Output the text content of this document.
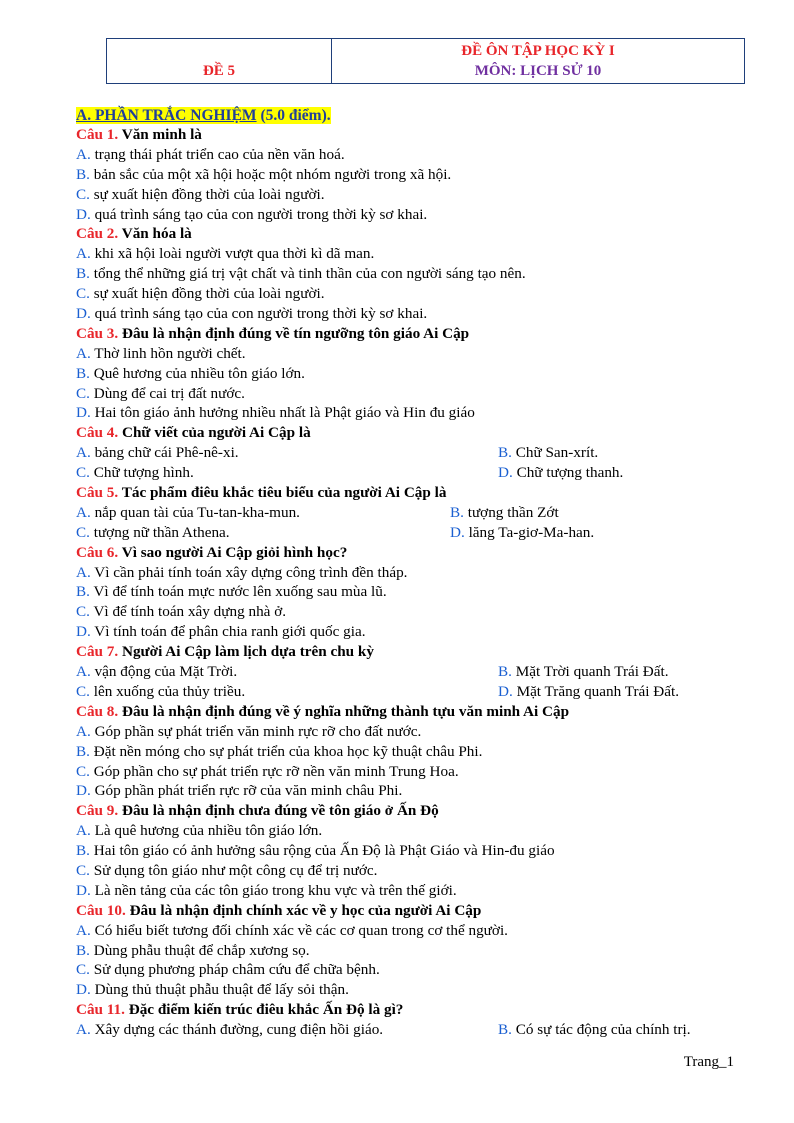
ĐỀ 5
ĐỀ ÔN TẬP HỌC KỲ I
MÔN: LỊCH SỬ 10
A. PHẦN TRẮC NGHIỆM (5.0 điểm).
Câu 1. Văn minh là
A. trạng thái phát triển cao của nền văn hoá.
B. bản sắc của một xã hội hoặc một nhóm người trong xã hội.
C. sự xuất hiện đồng thời của loài người.
D. quá trình sáng tạo của con người trong thời kỳ sơ khai.
Câu 2. Văn hóa là
A. khi xã hội loài người vượt qua thời kì dã man.
B. tổng thể những giá trị vật chất và tinh thần của con người sáng tạo nên.
C. sự xuất hiện đồng thời của loài người.
D. quá trình sáng tạo của con người trong thời kỳ sơ khai.
Câu 3. Đâu là nhận định đúng về tín ngưỡng tôn giáo Ai Cập
A. Thờ linh hồn người chết.
B. Quê hương của nhiều tôn giáo lớn.
C. Dùng để cai trị đất nước.
D. Hai tôn giáo ảnh hưởng nhiều nhất là Phật giáo và Hin đu giáo
Câu 4. Chữ viết của người Ai Cập là
A. bảng chữ cái Phê-nê-xi.	B. Chữ San-xrít.
C. Chữ tượng hình.	D. Chữ tượng thanh.
Câu 5. Tác phẩm điêu khắc tiêu biểu của người Ai Cập là
A. nắp quan tài của Tu-tan-kha-mun.	B. tượng thần Zớt
C. tượng nữ thần Athena.	D. lăng Ta-giơ-Ma-han.
Câu 6. Vì sao người Ai Cập giỏi hình học?
A. Vì cần phải tính toán xây dựng công trình đền tháp.
B. Vì để tính toán mực nước lên xuống sau mùa lũ.
C. Vì để tính toán xây dựng nhà ở.
D. Vì tính toán để phân chia ranh giới quốc gia.
Câu 7. Người Ai Cập làm lịch dựa trên chu kỳ
A. vận động của Mặt Trời.	B. Mặt Trời quanh Trái Đất.
C. lên xuống của thủy triều.	D. Mặt Trăng quanh Trái Đất.
Câu 8. Đâu là nhận định đúng về ý nghĩa những thành tựu văn minh Ai Cập
A. Góp phần sự phát triển văn minh rực rỡ cho đất nước.
B. Đặt nền móng cho sự phát triển của khoa học kỹ thuật châu Phi.
C. Góp phần cho sự phát triển rực rỡ nền văn minh Trung Hoa.
D. Góp phần phát triển rực rỡ của văn minh châu Phi.
Câu 9. Đâu là nhận định chưa đúng về tôn giáo ở Ấn Độ
A. Là quê hương của nhiều tôn giáo lớn.
B. Hai tôn giáo có ảnh hưởng sâu rộng của Ấn Độ là Phật Giáo và Hin-đu giáo
C. Sử dụng tôn giáo như một công cụ để trị nước.
D. Là nền tảng của các tôn giáo trong khu vực và trên thế giới.
Câu 10. Đâu là nhận định chính xác về y học của người Ai Cập
A. Có hiểu biết tương đối chính xác về các cơ quan trong cơ thể người.
B. Dùng phẫu thuật để chắp xương sọ.
C. Sử dụng phương pháp châm cứu để chữa bệnh.
D. Dùng thủ thuật phẫu thuật để lấy sỏi thận.
Câu 11. Đặc điểm kiến trúc điêu khắc Ấn Độ là gì?
A. Xây dựng các thánh đường, cung điện hồi giáo.	B. Có sự tác động của chính trị.
Trang_1
